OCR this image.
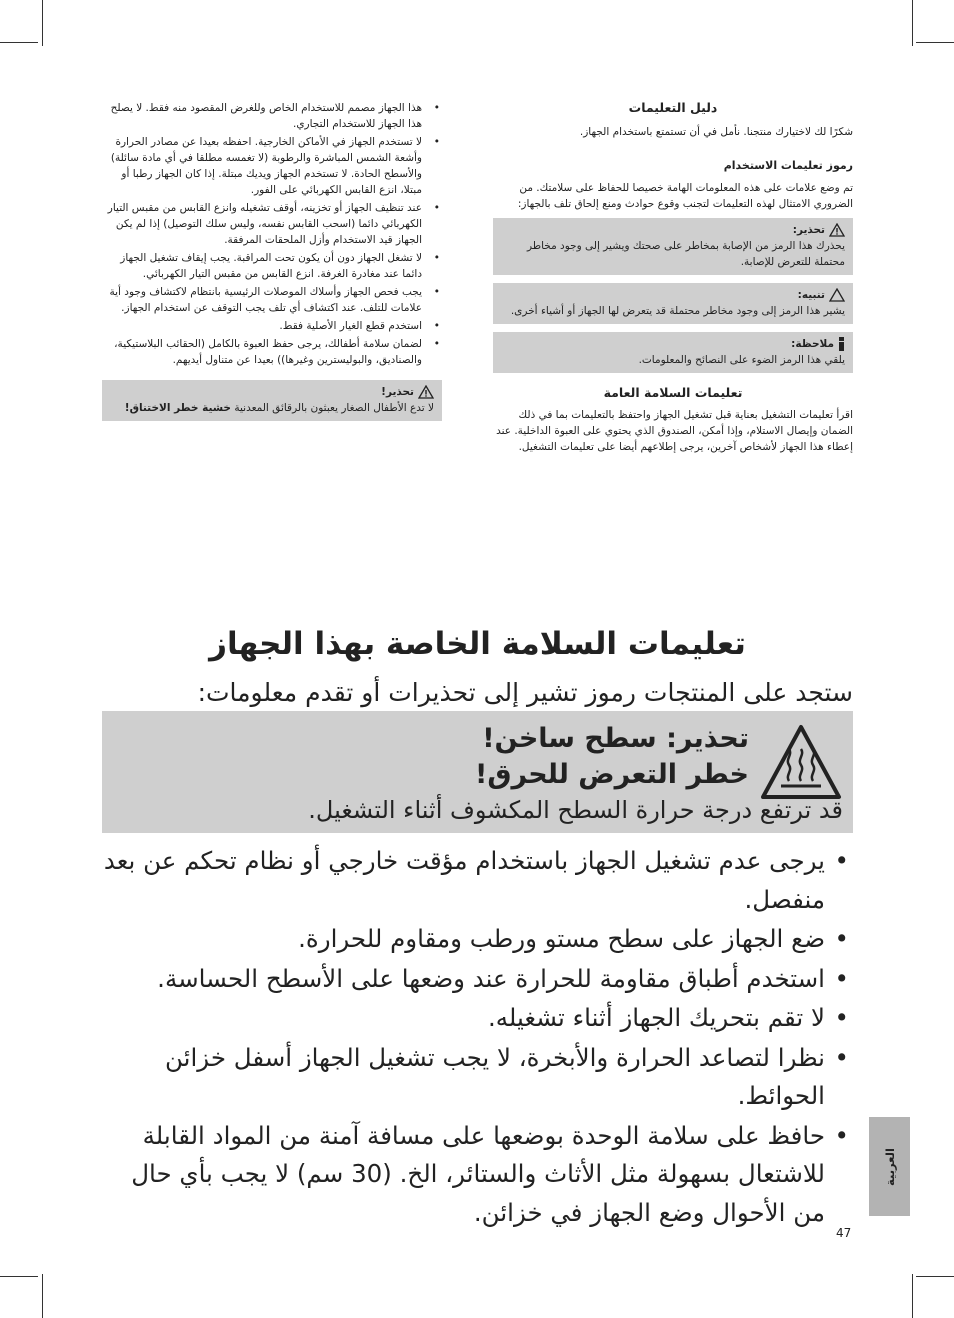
دليل التعليمات
شكرًا لك لاختيارك منتجنا. نأمل في أن تستمتع باستخدام الجهاز.
رموز تعليمات الاستخدام
تم وضع علامات على هذه المعلومات الهامة خصيصا للحفاظ على سلامتك. من الضروري الامتثال لهذه التعليمات لتجنب وقوع حوادث ومنع إلحاق تلف بالجهاز:
تحذير:
يحذرك هذا الرمز من الإصابة بمخاطر على صحتك ويشير إلى وجود مخاطر محتملة للتعرض للإصابة.
تنبيه:
يشير هذا الرمز إلى وجود مخاطر محتملة قد يتعرض لها الجهاز أو أشياء أخرى.
ملاحظة:
يلقي هذا الرمز الضوء على النصائح والمعلومات.
تعليمات السلامة العامة
اقرأ تعليمات التشغيل بعناية قبل تشغيل الجهاز واحتفظ بالتعليمات بما في ذلك الضمان وإيصال الاستلام، وإذا أمكن، الصندوق الذي يحتوي على العبوة الداخلية. عند إعطاء هذا الجهاز لأشخاص آخرين، يرجى إطلاعهم أيضا على تعليمات التشغيل.
• هذا الجهاز مصمم للاستخدام الخاص وللغرض المقصود منه فقط. لا يصلح هذا الجهاز للاستخدام التجاري.
• لا تستخدم الجهاز في الأماكن الخارجية. احفظه بعيدا عن مصادر الحرارة وأشعة الشمس المباشرة والرطوبة (لا تغمسه مطلقا في أي مادة سائلة) والأسطح الحادة. لا تستخدم الجهاز ويديك مبتلة. إذا كان الجهاز رطبا أو مبتلا، انزع القابس الكهربائي على الفور.
• عند تنظيف الجهاز أو تخزينه، أوقف تشغيله وانزع القابس من مقبس التيار الكهربائي دائما (اسحب القابس نفسه، وليس سلك التوصيل) إذا لم يكن الجهاز قيد الاستخدام وأزل الملحقات المرفقة.
• لا تشغل الجهاز دون أن يكون تحت المراقبة. يجب إيقاف تشغيل الجهاز دائما عند مغادرة الغرفة. انزع القابس من مقبس التيار الكهربائي.
• يجب فحص الجهاز وأسلاك الموصلات الرئيسية بانتظام لاكتشاف وجود أية علامات للتلف. عند اكتشاف أي تلف يجب التوقف عن استخدام الجهاز.
• استخدم قطع الغيار الأصلية فقط.
• لضمان سلامة أطفالك، يرجى حفظ العبوة بالكامل (الحقائب البلاستيكية، والصناديق، والبوليسترين وغيرها)) بعيدا عن متناول أيديهم.
تحذير!
لا تدع الأطفال الصغار يعبثون بالرقائق المعدنية خشية خطر الاختناق!
تعليمات السلامة الخاصة بهذا الجهاز
ستجد على المنتجات رموز تشير إلى تحذيرات أو تقدم معلومات:
تحذير: سطح ساخن!
خطر التعرض للحرق!
قد ترتفع درجة حرارة السطح المكشوف أثناء التشغيل.
• يرجى عدم تشغيل الجهاز باستخدام مؤقت خارجي أو نظام تحكم عن بعد منفصل.
• ضع الجهاز على سطح مستو ورطب ومقاوم للحرارة.
• استخدم أطباق مقاومة للحرارة عند وضعها على الأسطح الحساسة.
• لا تقم بتحريك الجهاز أثناء تشغيله.
• نظرا لتصاعد الحرارة والأبخرة، لا يجب تشغيل الجهاز أسفل خزائن الحوائط.
• حافظ على سلامة الوحدة بوضعها على مسافة آمنة من المواد القابلة للاشتعال بسهولة مثل الأثاث والستائر، الخ. (30 سم) لا يجب بأي حال من الأحوال وضع الجهاز في خزائن.
العربية
47
